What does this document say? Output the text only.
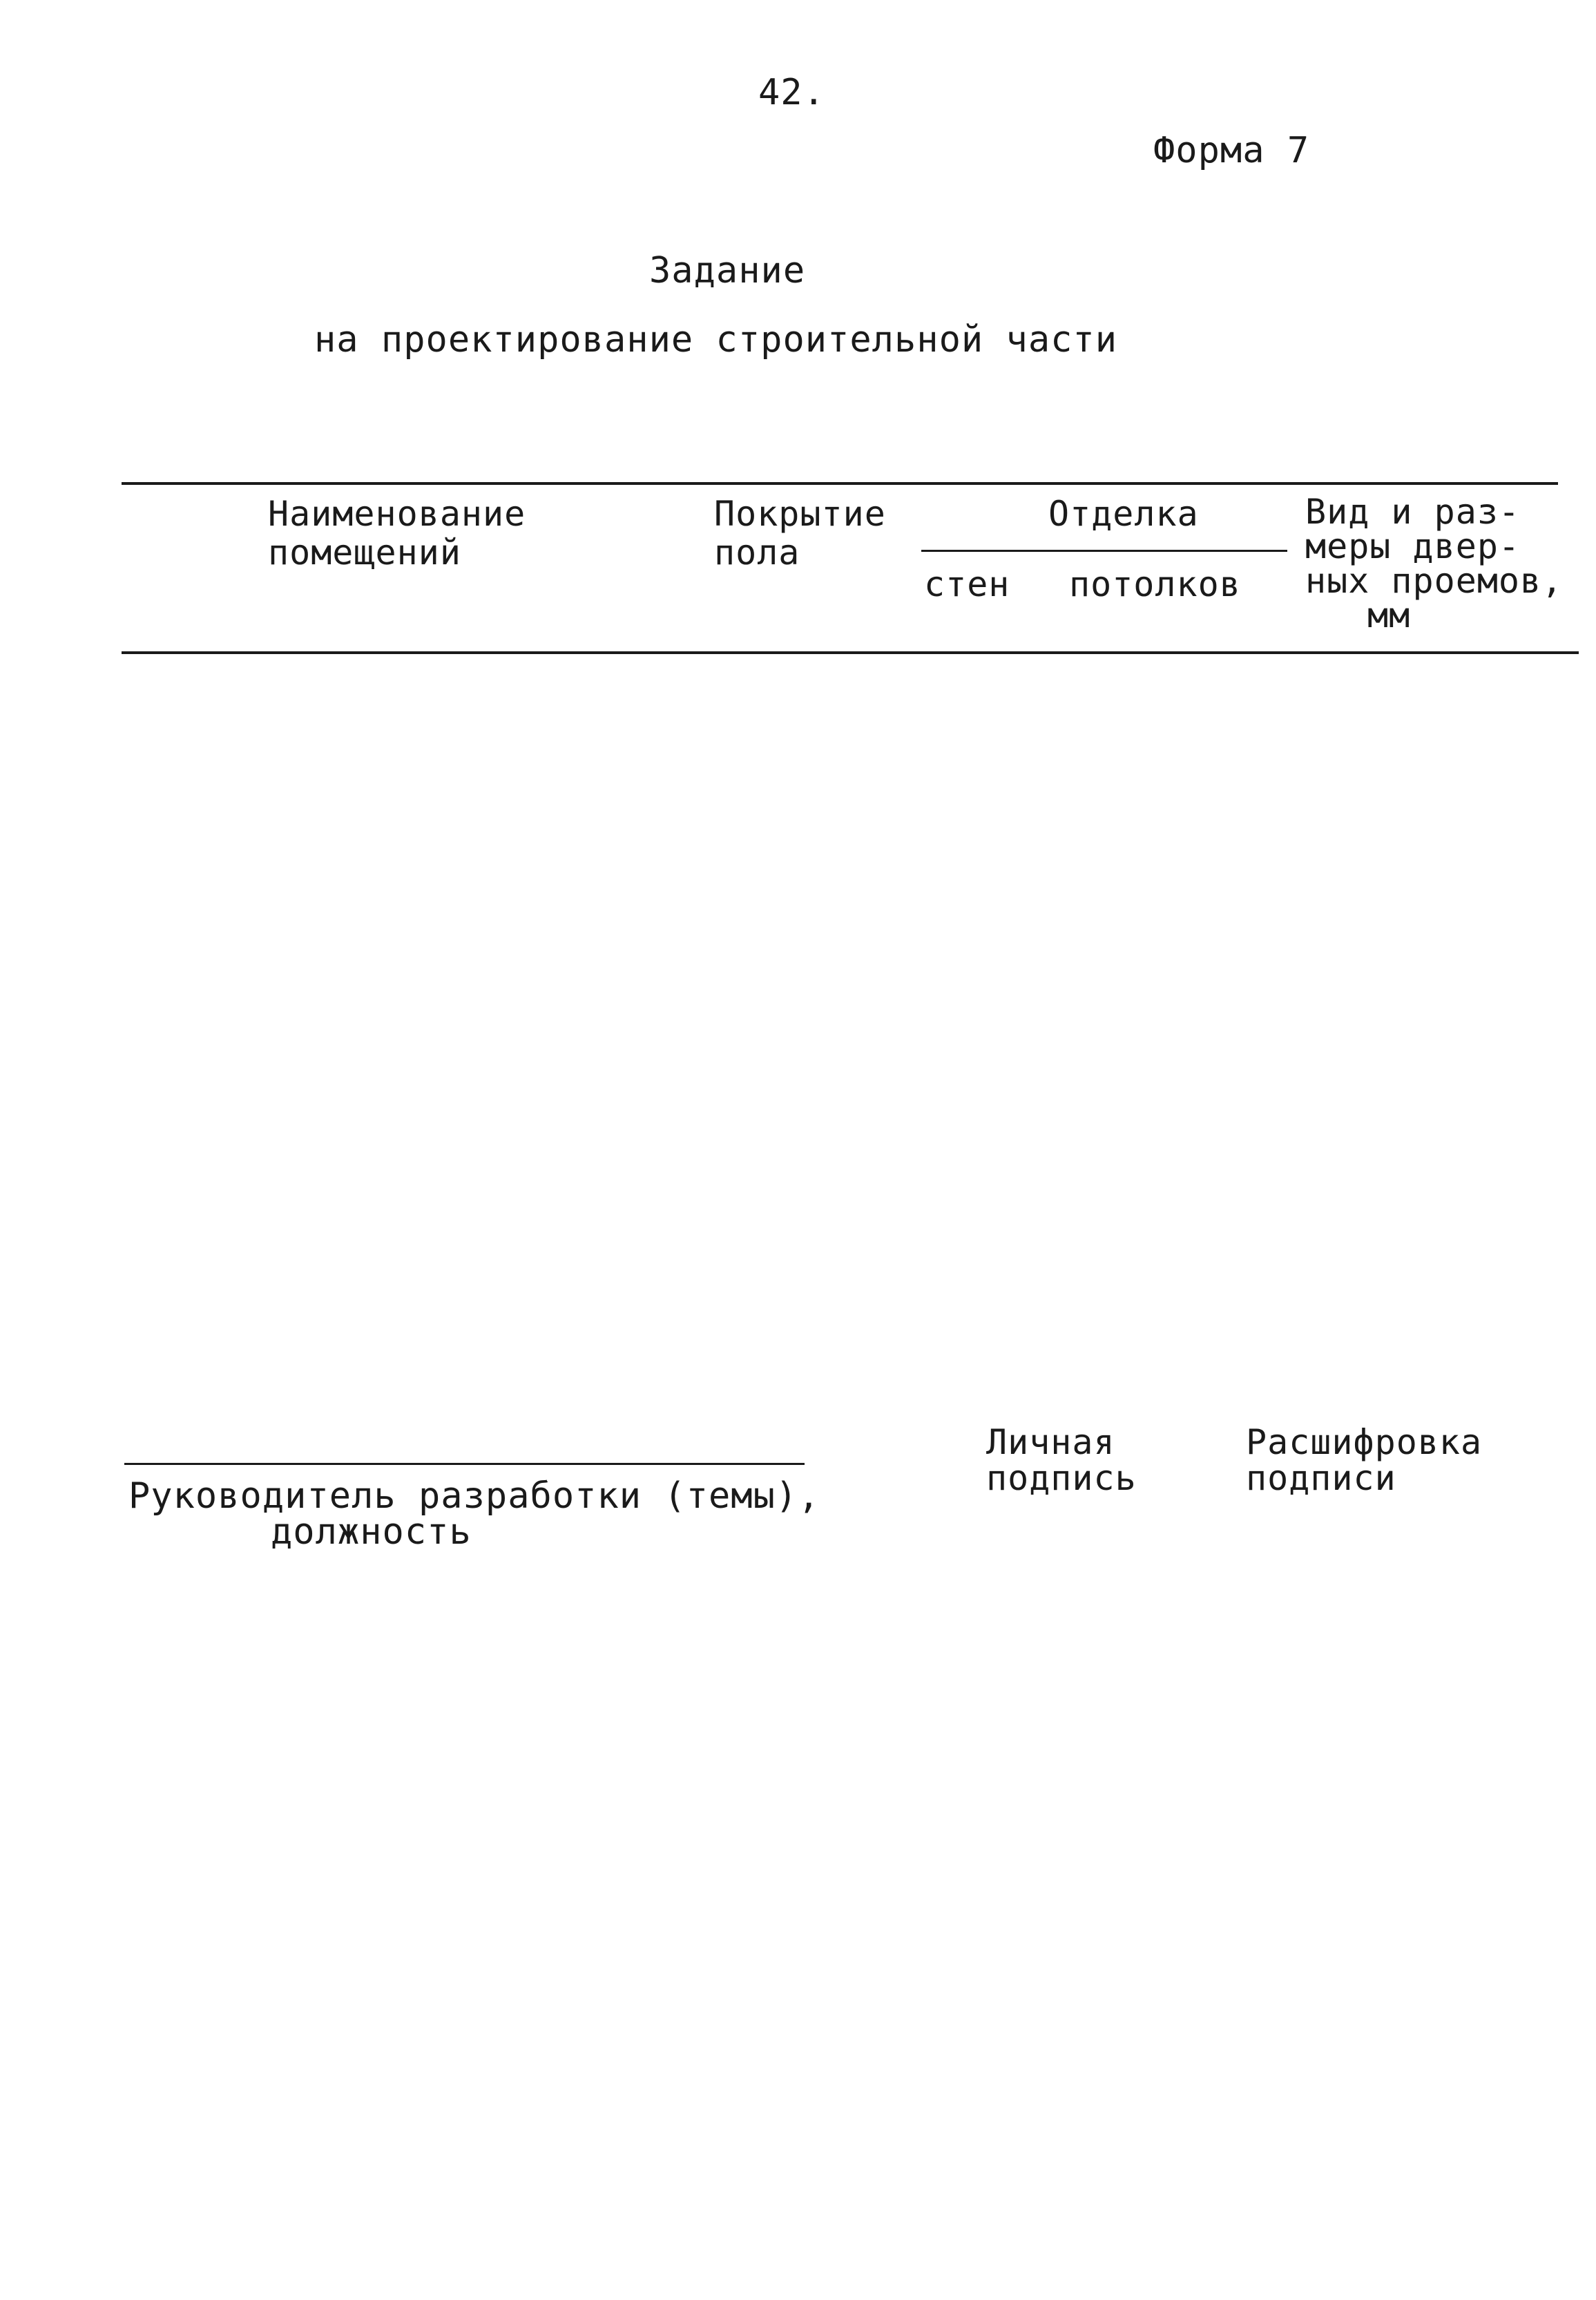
42.
Форма 7
Задание
на проектирование строительной части
Наименование
помещений
Покрытие
пола
Отделка
стен потолков
Вид и раз-
меры двер-
ных проемов,
мм
Руководитель разработки (темы),
должность
Личная
подпись
Расшифровка
подписи
